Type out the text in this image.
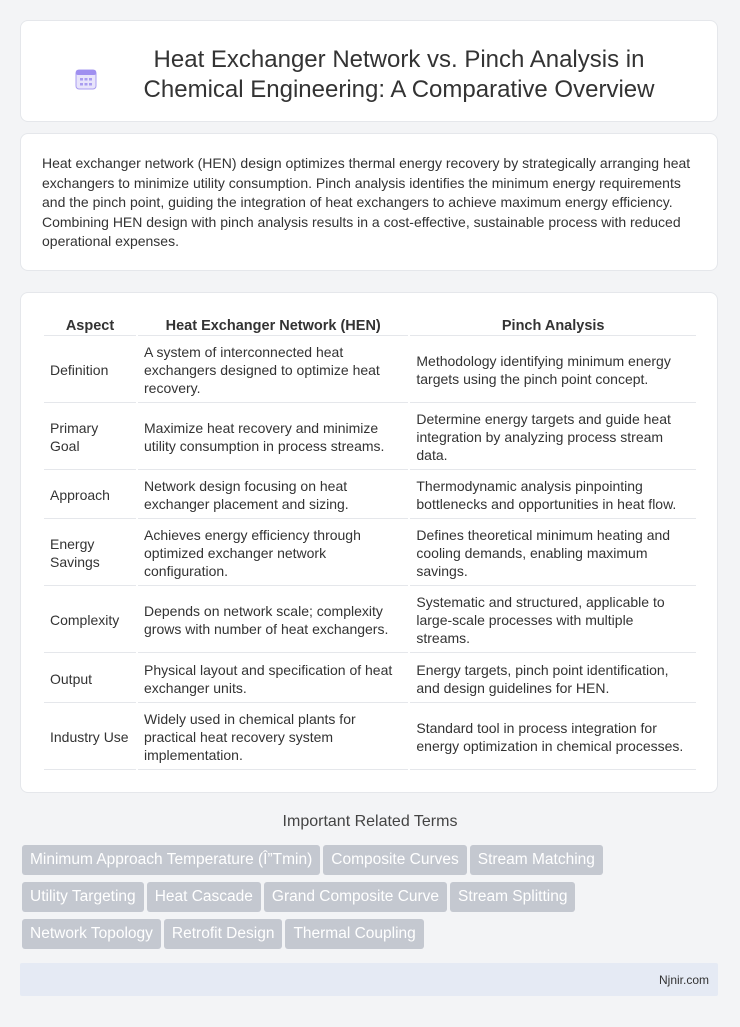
Heat Exchanger Network vs. Pinch Analysis in Chemical Engineering: A Comparative Overview
Heat exchanger network (HEN) design optimizes thermal energy recovery by strategically arranging heat exchangers to minimize utility consumption. Pinch analysis identifies the minimum energy requirements and the pinch point, guiding the integration of heat exchangers to achieve maximum energy efficiency. Combining HEN design with pinch analysis results in a cost-effective, sustainable process with reduced operational expenses.
Aspect	Heat Exchanger Network (HEN)	Pinch Analysis
Definition	A system of interconnected heat exchangers designed to optimize heat recovery.	Methodology identifying minimum energy targets using the pinch point concept.
Primary Goal	Maximize heat recovery and minimize utility consumption in process streams.	Determine energy targets and guide heat integration by analyzing process stream data.
Approach	Network design focusing on heat exchanger placement and sizing.	Thermodynamic analysis pinpointing bottlenecks and opportunities in heat flow.
Energy Savings	Achieves energy efficiency through optimized exchanger network configuration.	Defines theoretical minimum heating and cooling demands, enabling maximum savings.
Complexity	Depends on network scale; complexity grows with number of heat exchangers.	Systematic and structured, applicable to large-scale processes with multiple streams.
Output	Physical layout and specification of heat exchanger units.	Energy targets, pinch point identification, and design guidelines for HEN.
Industry Use	Widely used in chemical plants for practical heat recovery system implementation.	Standard tool in process integration for energy optimization in chemical processes.
Important Related Terms
Minimum Approach Temperature (Î”Tmin) Composite Curves Stream Matching
Utility Targeting Heat Cascade Grand Composite Curve Stream Splitting
Network Topology Retrofit Design Thermal Coupling
Njnir.com
